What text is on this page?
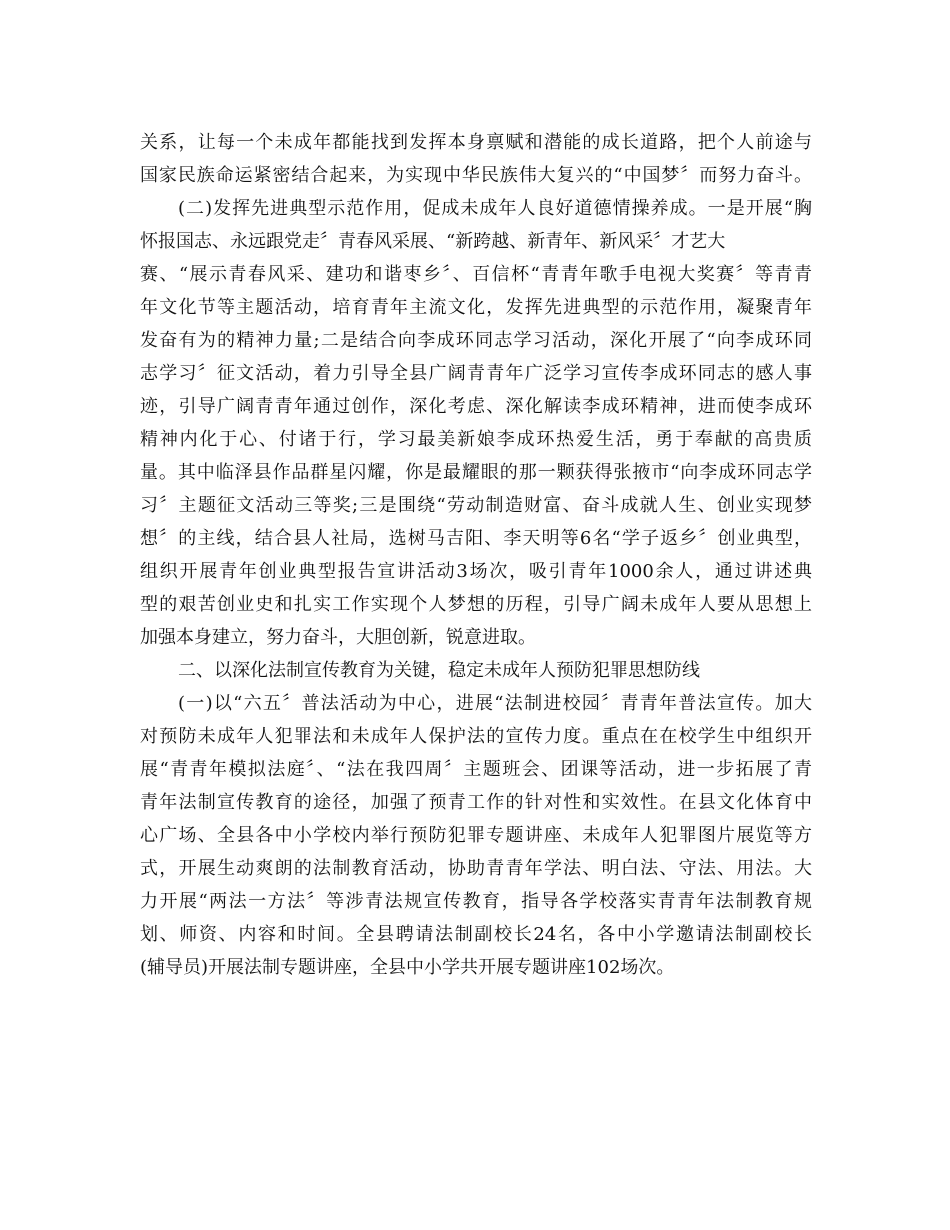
关系，让每一个未成年都能找到发挥本身禀赋和潜能的成长道路，把个人前途与
国家民族命运紧密结合起来，为实现中华民族伟大复兴的“中国梦〞而努力奋斗。
(二)发挥先进典型示范作用，促成未成年人良好道德情操养成。一是开展“胸
怀报国志、永远跟党走〞青春风采展、“新跨越、新青年、新风采〞才艺大
赛、“展示青春风采、建功和谐枣乡〞、百信杯“青青年歌手电视大奖赛〞等青青
年文化节等主题活动，培育青年主流文化，发挥先进典型的示范作用，凝聚青年
发奋有为的精神力量;二是结合向李成环同志学习活动，深化开展了“向李成环同
志学习〞征文活动，着力引导全县广阔青青年广泛学习宣传李成环同志的感人事
迹，引导广阔青青年通过创作，深化考虑、深化解读李成环精神，进而使李成环
精神内化于心、付诸于行，学习最美新娘李成环热爱生活，勇于奉献的高贵质
量。其中临泽县作品群星闪耀，你是最耀眼的那一颗获得张掖市“向李成环同志学
习〞主题征文活动三等奖;三是围绕“劳动制造财富、奋斗成就人生、创业实现梦
想〞的主线，结合县人社局，选树马吉阳、李天明等6名“学子返乡〞创业典型，
组织开展青年创业典型报告宣讲活动3场次，吸引青年1000余人，通过讲述典
型的艰苦创业史和扎实工作实现个人梦想的历程，引导广阔未成年人要从思想上
加强本身建立，努力奋斗，大胆创新，锐意进取。
二、以深化法制宣传教育为关键，稳定未成年人预防犯罪思想防线
(一)以“六五〞普法活动为中心，进展“法制进校园〞青青年普法宣传。加大
对预防未成年人犯罪法和未成年人保护法的宣传力度。重点在在校学生中组织开
展“青青年模拟法庭〞、“法在我四周〞主题班会、团课等活动，进一步拓展了青
青年法制宣传教育的途径，加强了预青工作的针对性和实效性。在县文化体育中
心广场、全县各中小学校内举行预防犯罪专题讲座、未成年人犯罪图片展览等方
式，开展生动爽朗的法制教育活动，协助青青年学法、明白法、守法、用法。大
力开展“两法一方法〞等涉青法规宣传教育，指导各学校落实青青年法制教育规
划、师资、内容和时间。全县聘请法制副校长24名，各中小学邀请法制副校长
(辅导员)开展法制专题讲座，全县中小学共开展专题讲座102场次。
